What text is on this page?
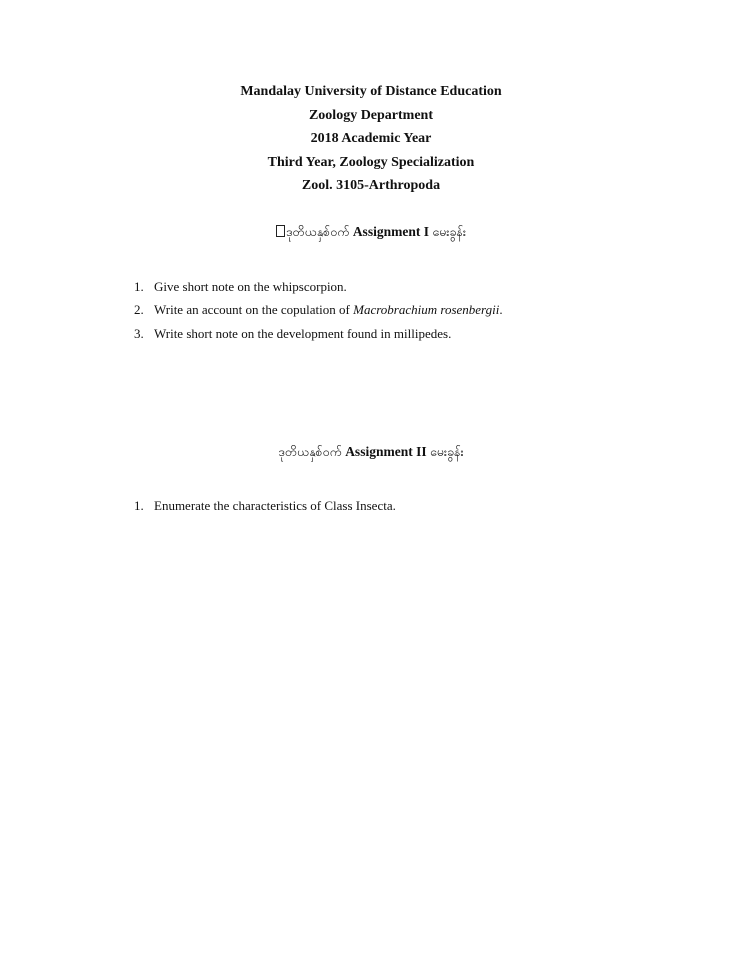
Mandalay University of Distance Education
Zoology Department
2018 Academic Year
Third Year, Zoology Specialization
Zool. 3105-Arthropoda
ဒုတိယနှစ်ဝက် Assignment I မေးခွန်း
1. Give short note on the whipscorpion.
2. Write an account on the copulation of Macrobrachium rosenbergii.
3. Write short note on the development found in millipedes.
ဒုတိယနှစ်ဝက် Assignment II မေးခွန်း
1. Enumerate the characteristics of Class Insecta.
